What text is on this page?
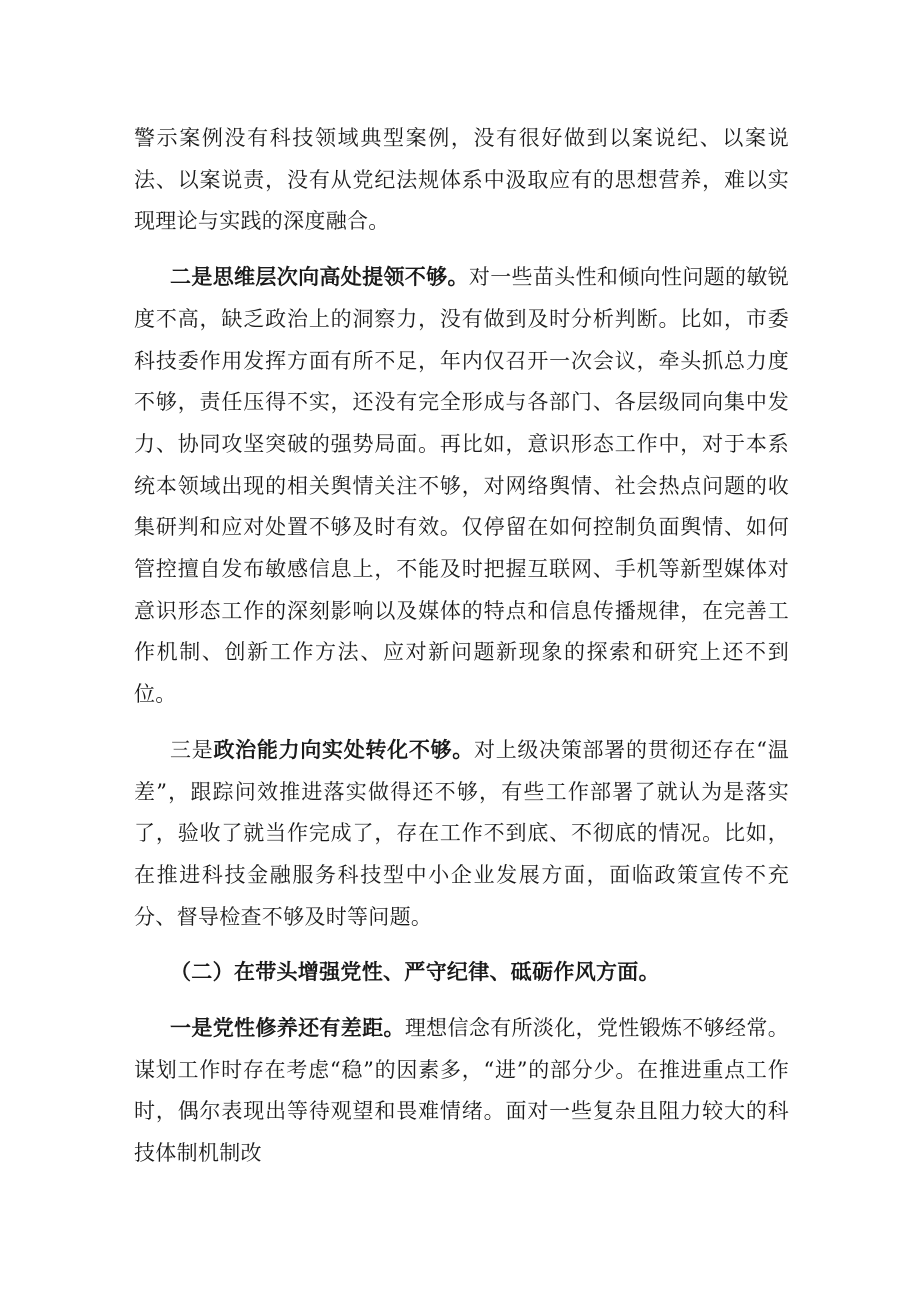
警示案例没有科技领域典型案例，没有很好做到以案说纪、以案说法、以案说责，没有从党纪法规体系中汲取应有的思想营养，难以实现理论与实践的深度融合。

二是思维层次向高处提领不够。对一些苗头性和倾向性问题的敏锐度不高，缺乏政治上的洞察力，没有做到及时分析判断。比如，市委科技委作用发挥方面有所不足，年内仅召开一次会议，牵头抓总力度不够，责任压得不实，还没有完全形成与各部门、各层级同向集中发力、协同攻坚突破的强势局面。再比如，意识形态工作中，对于本系统本领域出现的相关舆情关注不够，对网络舆情、社会热点问题的收集研判和应对处置不够及时有效。仅停留在如何控制负面舆情、如何管控擅自发布敏感信息上，不能及时把握互联网、手机等新型媒体对意识形态工作的深刻影响以及媒体的特点和信息传播规律，在完善工作机制、创新工作方法、应对新问题新现象的探索和研究上还不到位。

三是政治能力向实处转化不够。对上级决策部署的贯彻还存在“温差”，跟踪问效推进落实做得还不够，有些工作部署了就认为是落实了，验收了就当作完成了，存在工作不到底、不彻底的情况。比如，在推进科技金融服务科技型中小企业发展方面，面临政策宣传不充分、督导检查不够及时等问题。

（二）在带头增强党性、严守纪律、砥砺作风方面。

一是党性修养还有差距。理想信念有所淡化，党性锻炼不够经常。谋划工作时存在考虑“稳”的因素多，“进”的部分少。在推进重点工作时，偶尔表现出等待观望和畏难情绪。面对一些复杂且阻力较大的科技体制机制改
